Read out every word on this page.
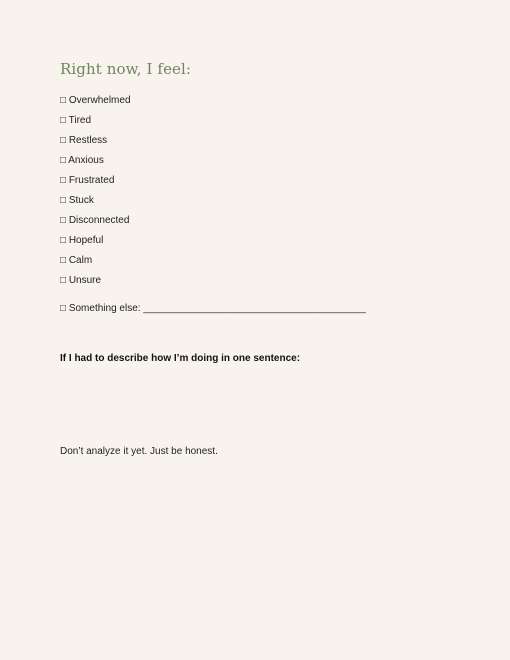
Right now, I feel:
□ Overwhelmed
□ Tired
□ Restless
□ Anxious
□ Frustrated
□ Stuck
□ Disconnected
□ Hopeful
□ Calm
□ Unsure
□ Something else: ________________________________________

If I had to describe how I’m doing in one sentence:

Don’t analyze it yet. Just be honest.
